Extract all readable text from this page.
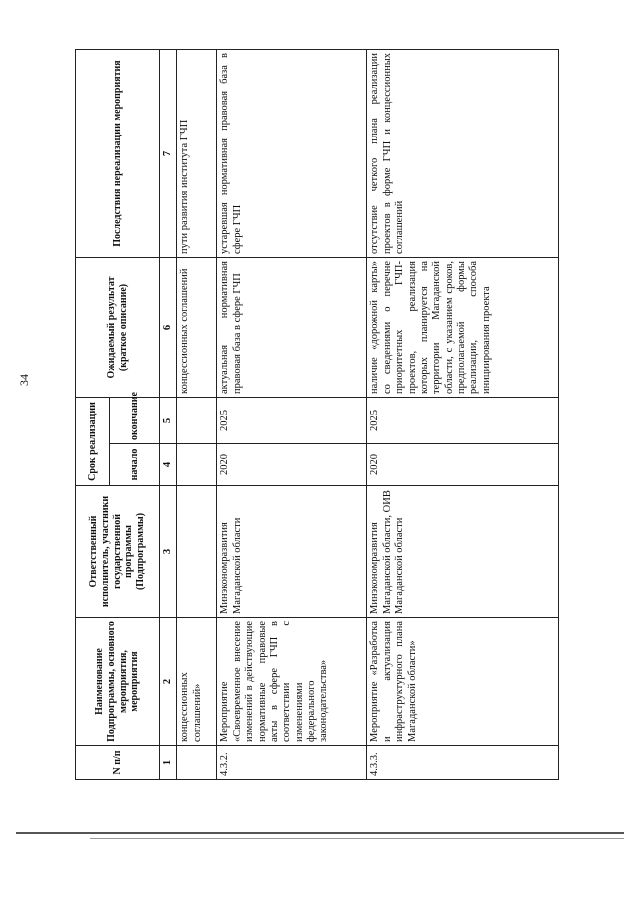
34
N п/п	Наименование Подпрограммы, основного мероприятия, мероприятия	Ответственный исполнитель, участники государственной программы (Подпрограммы)	Срок реализации		Ожидаемый результат (краткое описание)	Последствия нереализации мероприятия
			начало	окончание		
1	2	3	4	5	6	7
	концессионных соглашений»				концессионных соглашений	пути развития института ГЧП
4.3.2.	Мероприятие «Своевременное внесение изменений в действующие нормативные правовые акты в сфере ГЧП в соответствии с изменениями федерального законодательства»	Минэкономразвития Магаданской области	2020	2025	актуальная нормативная правовая база в сфере ГЧП	устаревшая нормативная правовая база в сфере ГЧП
4.3.3.	Мероприятие «Разработка и актуализация инфраструктурного плана Магаданской области»	Минэкономразвития Магаданской области, ОИВ Магаданской области	2020	2025	наличие «дорожной карты» со сведениями о перечне приоритетных ГЧП-проектов, реализация которых планируется на территории Магаданской области, с указанием сроков, предполагаемой формы реализации, способа инициирования проекта	отсутствие четкого плана реализации проектов в форме ГЧП и концессионных соглашений
